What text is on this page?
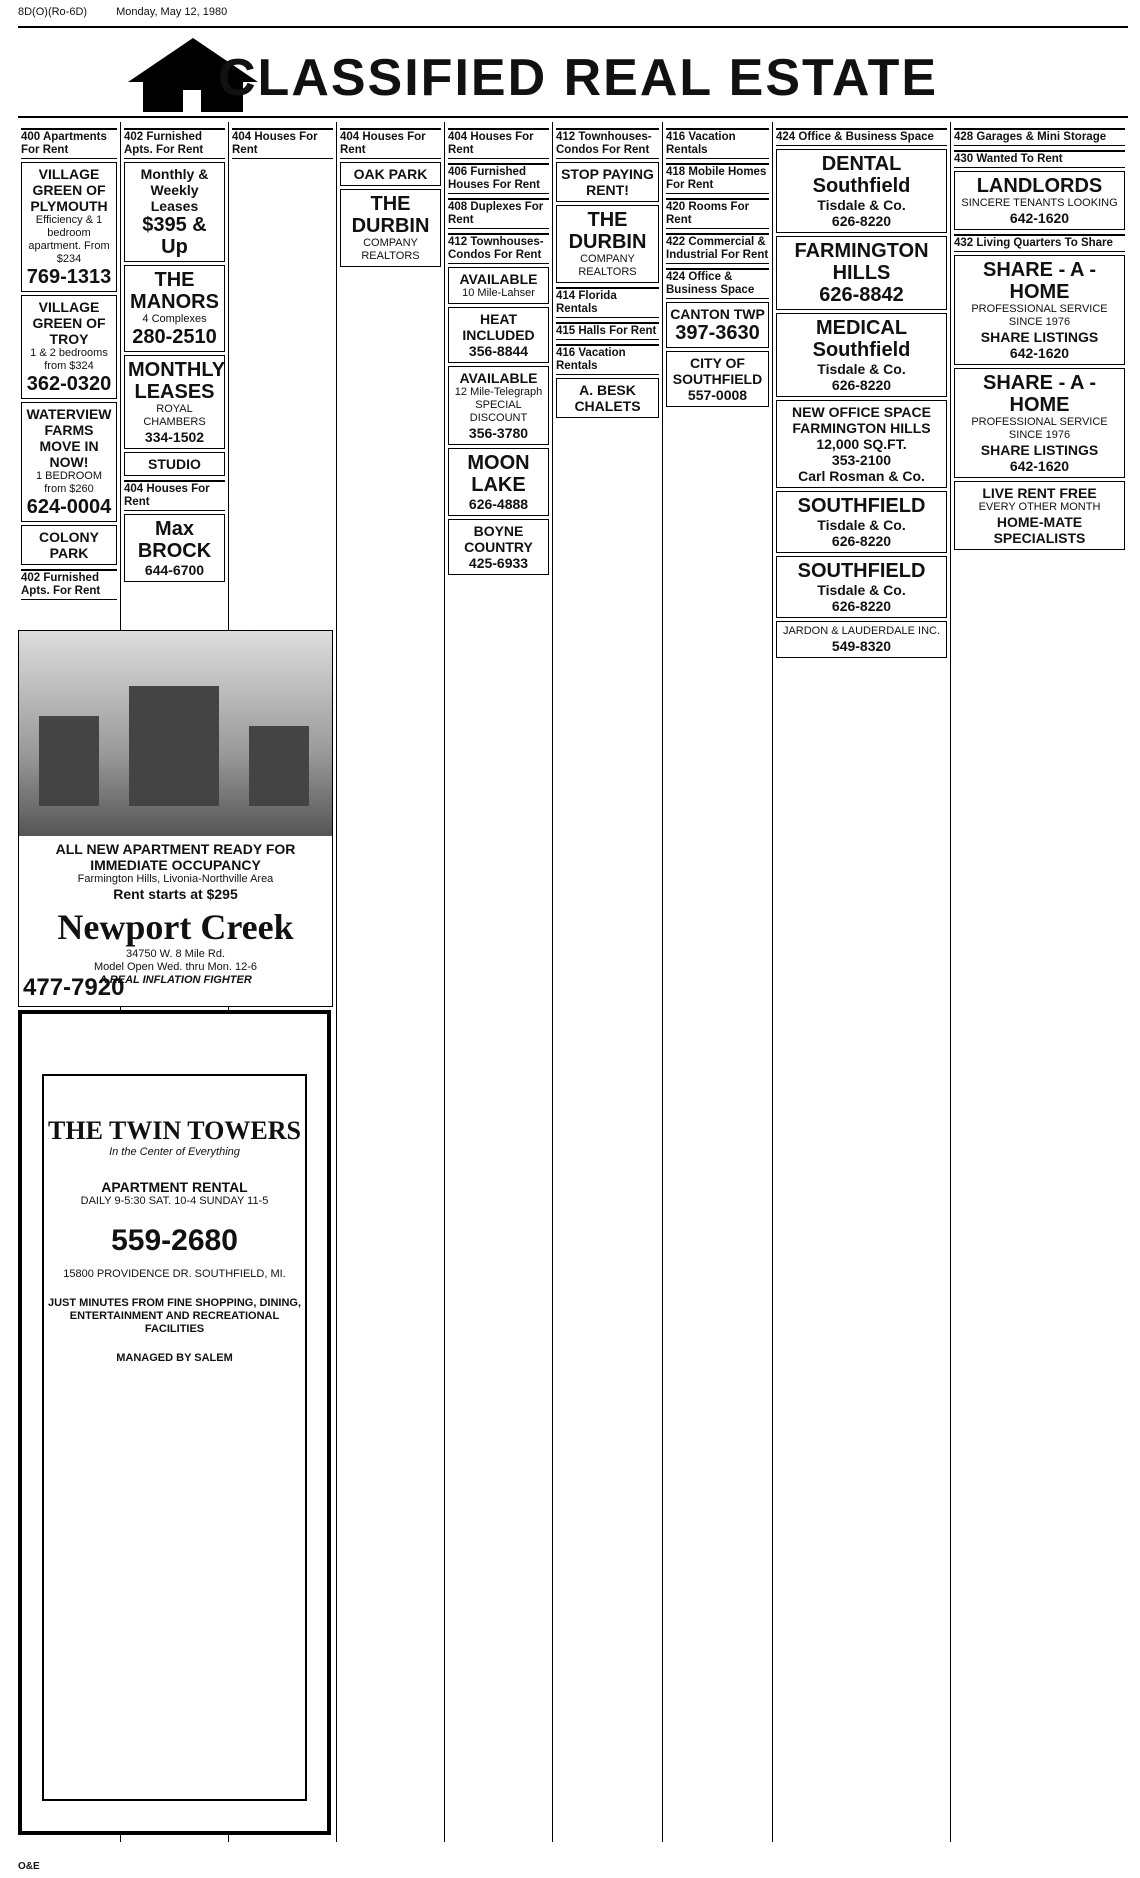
8D(O)(Ro-6D)	Monday, May 12, 1980
CLASSIFIED REAL ESTATE
400 Apartments For Rent
VILLAGE GREEN OF PLYMOUTH
Efficiency & 1 bedroom apartment. From $234
769-1313
VILLAGE GREEN OF TROY
1 & 2 bedrooms from $324
362-0320
WATERVIEW FARMS MOVE IN NOW!
1 BEDROOM from $260
624-0004
COLONY PARK
402 Furnished Apts. For Rent
402 Furnished Apts. For Rent
Monthly & Weekly Leases
$395 & Up
THE MANORS
4 Complexes
280-2510
MONTHLY LEASES
ROYAL CHAMBERS
334-1502
STUDIO
404 Houses For Rent
Max BROCK
644-6700
404 Houses For Rent
404 Houses For Rent
OAK PARK
THE DURBIN
COMPANY REALTORS
404 Houses For Rent
406 Furnished Houses For Rent
408 Duplexes For Rent
412 Townhouses-Condos For Rent
AVAILABLE
10 Mile-Lahser
HEAT INCLUDED
356-8844
AVAILABLE
12 Mile-Telegraph SPECIAL DISCOUNT
356-3780
MOON LAKE
626-4888
BOYNE COUNTRY
425-6933
412 Townhouses-Condos For Rent
STOP PAYING RENT!
THE DURBIN
COMPANY REALTORS
414 Florida Rentals
415 Halls For Rent
416 Vacation Rentals
A. BESK CHALETS
416 Vacation Rentals
418 Mobile Homes For Rent
420 Rooms For Rent
422 Commercial & Industrial For Rent
424 Office & Business Space
CANTON TWP
397-3630
CITY OF SOUTHFIELD
557-0008
424 Office & Business Space
DENTAL Southfield
Tisdale & Co.
626-8220
FARMINGTON HILLS
626-8842
MEDICAL Southfield
Tisdale & Co.
626-8220
NEW OFFICE SPACE FARMINGTON HILLS
12,000 SQ.FT.
353-2100
Carl Rosman & Co.
SOUTHFIELD
Tisdale & Co.
626-8220
SOUTHFIELD
Tisdale & Co.
626-8220
JARDON & LAUDERDALE INC.
549-8320
428 Garages & Mini Storage
430 Wanted To Rent
LANDLORDS
SINCERE TENANTS LOOKING
642-1620
432 Living Quarters To Share
SHARE - A - HOME
PROFESSIONAL SERVICE
SINCE 1976
SHARE LISTINGS
642-1620
SHARE - A - HOME
PROFESSIONAL SERVICE
SINCE 1976
SHARE LISTINGS
642-1620
LIVE RENT FREE
EVERY OTHER MONTH
HOME-MATE SPECIALISTS
ALL NEW APARTMENT READY FOR IMMEDIATE OCCUPANCY
Farmington Hills, Livonia-Northville Area
Rent starts at $295
Newport Creek
34750 W. 8 Mile Rd.
Model Open Wed. thru Mon. 12-6
A REAL INFLATION FIGHTER
477-7920
THE TWIN TOWERS
In the Center of Everything
APARTMENT RENTAL
DAILY 9-5:30 SAT. 10-4 SUNDAY 11-5
559-2680
15800 PROVIDENCE DR. SOUTHFIELD, MI.
JUST MINUTES FROM FINE SHOPPING, DINING, ENTERTAINMENT AND RECREATIONAL FACILITIES
MANAGED BY SALEM
O&E
